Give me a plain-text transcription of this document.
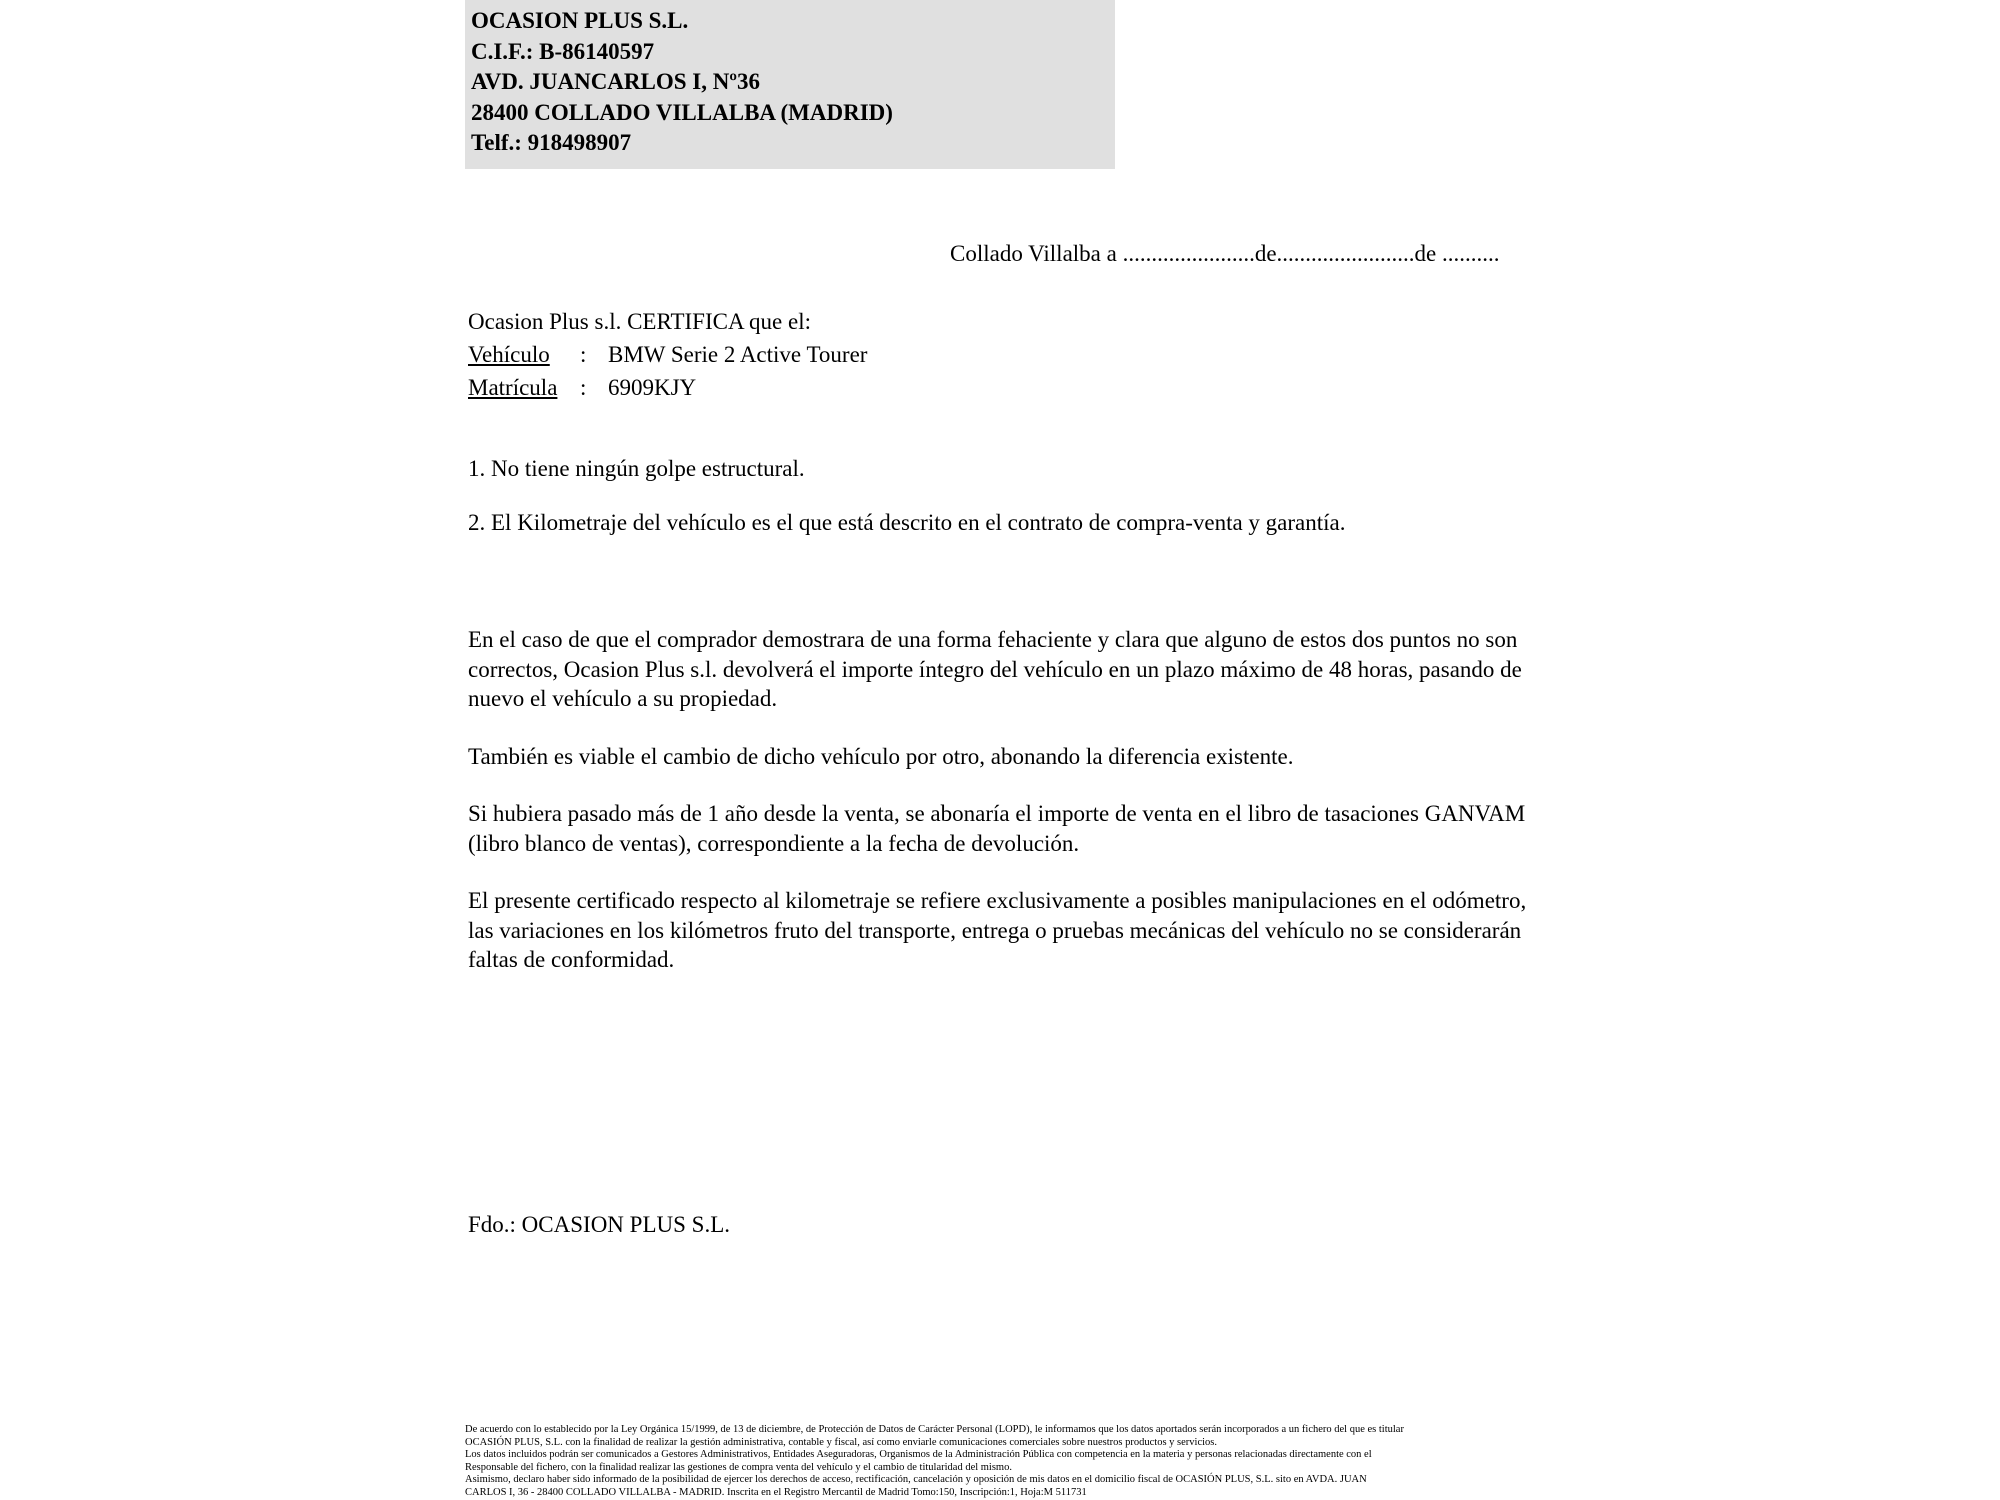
OCASION PLUS S.L.
C.I.F.: B-86140597
AVD. JUANCARLOS I, Nº36
28400 COLLADO VILLALBA (MADRID)
Telf.: 918498907
Collado Villalba a .......................de........................de ..........
Ocasion Plus s.l. CERTIFICA que el:
Vehículo : BMW Serie 2 Active Tourer
Matrícula : 6909KJY

1. No tiene ningún golpe estructural.

2. El Kilometraje del vehículo es el que está descrito en el contrato de compra-venta y garantía.

En el caso de que el comprador demostrara de una forma fehaciente y clara que alguno de estos dos puntos no son correctos, Ocasion Plus s.l. devolverá el importe íntegro del vehículo en un plazo máximo de 48 horas, pasando de nuevo el vehículo a su propiedad.

También es viable el cambio de dicho vehículo por otro, abonando la diferencia existente.

Si hubiera pasado más de 1 año desde la venta, se abonaría el importe de venta en el libro de tasaciones GANVAM (libro blanco de ventas), correspondiente a la fecha de devolución.

El presente certificado respecto al kilometraje se refiere exclusivamente a posibles manipulaciones en el odómetro, las variaciones en los kilómetros fruto del transporte, entrega o pruebas mecánicas del vehículo no se considerarán faltas de conformidad.

Fdo.: OCASION PLUS S.L.

De acuerdo con lo establecido por la Ley Orgánica 15/1999, de 13 de diciembre, de Protección de Datos de Carácter Personal (LOPD), le informamos que los datos aportados serán incorporados a un fichero del que es titular

OCASIÓN PLUS, S.L. con la finalidad de realizar la gestión administrativa, contable y fiscal, así como enviarle comunicaciones comerciales sobre nuestros productos y servicios.

Los datos incluidos podrán ser comunicados a Gestores Administrativos, Entidades Aseguradoras, Organismos de la Administración Pública con competencia en la materia y personas relacionadas directamente con el

Responsable del fichero, con la finalidad realizar las gestiones de compra venta del vehículo y el cambio de titularidad del mismo.

Asimismo, declaro haber sido informado de la posibilidad de ejercer los derechos de acceso, rectificación, cancelación y oposición de mis datos en el domicilio fiscal de OCASIÓN PLUS, S.L. sito en AVDA. JUAN

CARLOS I, 36 - 28400 COLLADO VILLALBA - MADRID. Inscrita en el Registro Mercantil de Madrid Tomo:150, Inscripción:1, Hoja:M 511731
